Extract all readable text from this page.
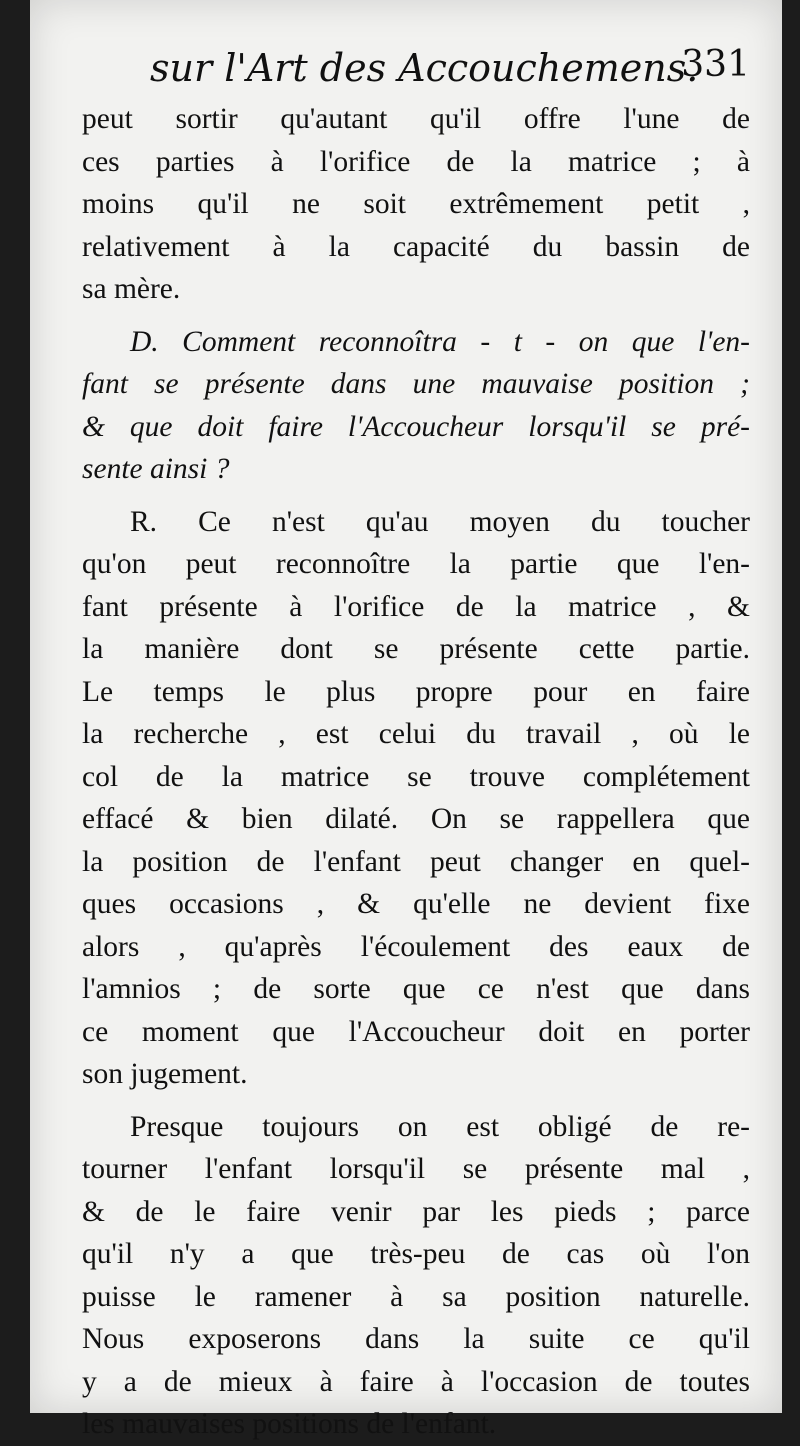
sur l'Art des Accouchemens.
331
peut sortir qu'autant qu'il offre l'une de
ces parties à l'orifice de la matrice ; à
moins qu'il ne soit extrêmement petit ,
relativement à la capacité du bassin de
sa mère.
D. Comment reconnoîtra - t - on que l'en-
fant se présente dans une mauvaise position ;
& que doit faire l'Accoucheur lorsqu'il se pré-
sente ainsi ?
R. Ce n'est qu'au moyen du toucher
qu'on peut reconnoître la partie que l'en-
fant présente à l'orifice de la matrice , &
la manière dont se présente cette partie.
Le temps le plus propre pour en faire
la recherche , est celui du travail , où le
col de la matrice se trouve complétement
effacé & bien dilaté. On se rappellera que
la position de l'enfant peut changer en quel-
ques occasions , & qu'elle ne devient fixe
alors , qu'après l'écoulement des eaux de
l'amnios ; de sorte que ce n'est que dans
ce moment que l'Accoucheur doit en porter
son jugement.
Presque toujours on est obligé de re-
tourner l'enfant lorsqu'il se présente mal ,
& de le faire venir par les pieds ; parce
qu'il n'y a que très-peu de cas où l'on
puisse le ramener à sa position naturelle.
Nous exposerons dans la suite ce qu'il
y a de mieux à faire à l'occasion de toutes
les mauvaises positions de l'enfant.
